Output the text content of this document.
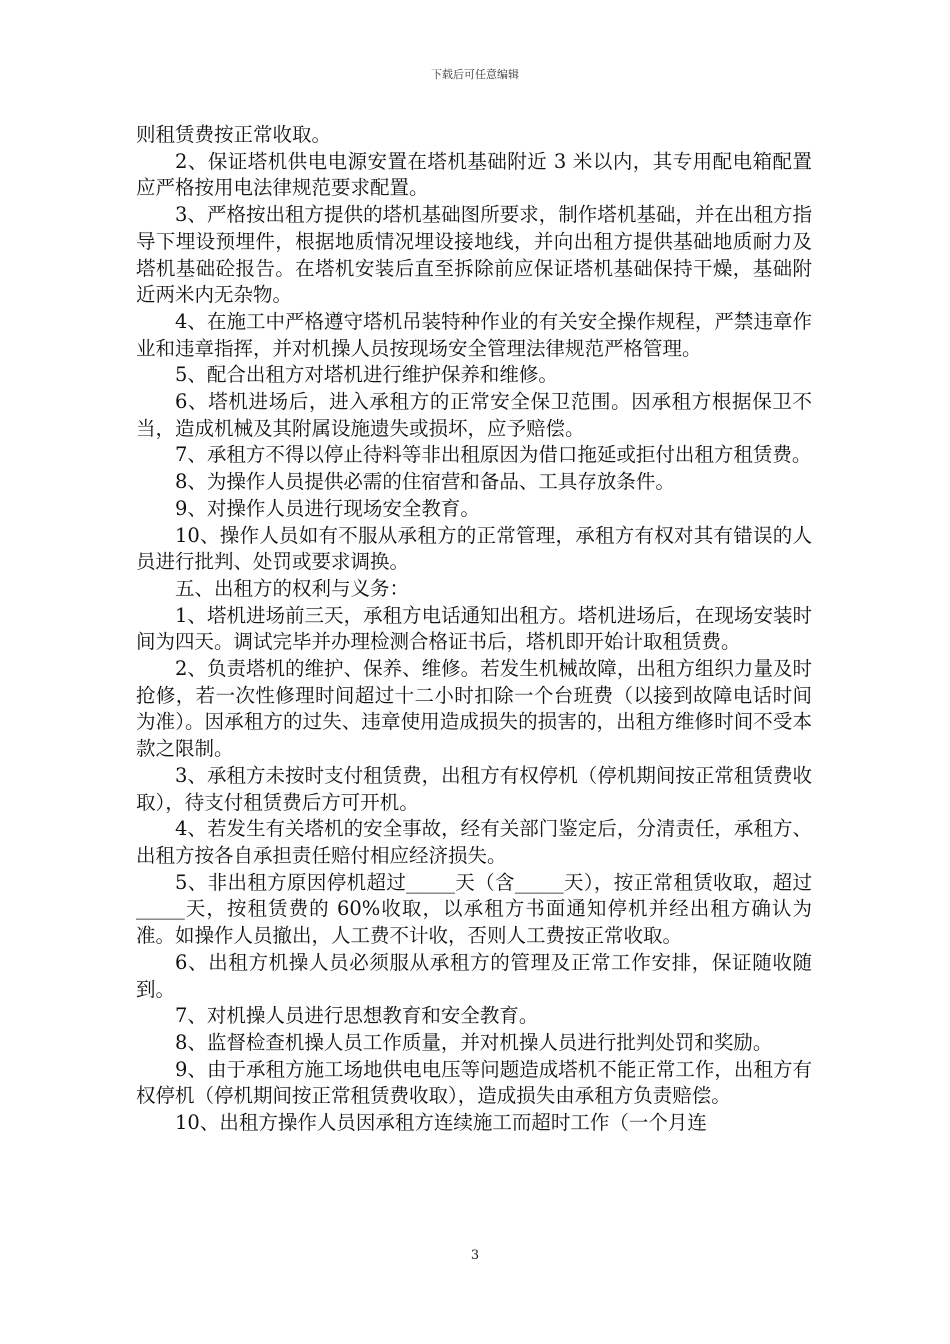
下载后可任意编辑

则租赁费按正常收取。

2、保证塔机供电电源安置在塔机基础附近 3 米以内，其专用配电箱配置应严格按用电法律规范要求配置。

3、严格按出租方提供的塔机基础图所要求，制作塔机基础，并在出租方指导下埋设预埋件，根据地质情况埋设接地线，并向出租方提供基础地质耐力及塔机基础砼报告。在塔机安装后直至拆除前应保证塔机基础保持干燥，基础附近两米内无杂物。

4、在施工中严格遵守塔机吊装特种作业的有关安全操作规程，严禁违章作业和违章指挥，并对机操人员按现场安全管理法律规范严格管理。

5、配合出租方对塔机进行维护保养和维修。

6、塔机进场后，进入承租方的正常安全保卫范围。因承租方根据保卫不当，造成机械及其附属设施遗失或损坏，应予赔偿。

7、承租方不得以停止待料等非出租原因为借口拖延或拒付出租方租赁费。

8、为操作人员提供必需的住宿营和备品、工具存放条件。

9、对操作人员进行现场安全教育。

10、操作人员如有不服从承租方的正常管理，承租方有权对其有错误的人员进行批判、处罚或要求调换。

五、出租方的权利与义务：

1、塔机进场前三天，承租方电话通知出租方。塔机进场后，在现场安装时间为四天。调试完毕并办理检测合格证书后，塔机即开始计取租赁费。

2、负责塔机的维护、保养、维修。若发生机械故障，出租方组织力量及时抢修，若一次性修理时间超过十二小时扣除一个台班费（以接到故障电话时间为准）。因承租方的过失、违章使用造成损失的损害的，出租方维修时间不受本款之限制。

3、承租方未按时支付租赁费，出租方有权停机（停机期间按正常租赁费收取），待支付租赁费后方可开机。

4、若发生有关塔机的安全事故，经有关部门鉴定后，分清责任，承租方、出租方按各自承担责任赔付相应经济损失。

5、非出租方原因停机超过_____天（含_____天），按正常租赁收取，超过_____天，按租赁费的 60%收取，以承租方书面通知停机并经出租方确认为准。如操作人员撤出，人工费不计收，否则人工费按正常收取。

6、出租方机操人员必须服从承租方的管理及正常工作安排，保证随收随到。

7、对机操人员进行思想教育和安全教育。

8、监督检查机操人员工作质量，并对机操人员进行批判处罚和奖励。

9、由于承租方施工场地供电电压等问题造成塔机不能正常工作，出租方有权停机（停机期间按正常租赁费收取），造成损失由承租方负责赔偿。

10、出租方操作人员因承租方连续施工而超时工作（一个月连

3
